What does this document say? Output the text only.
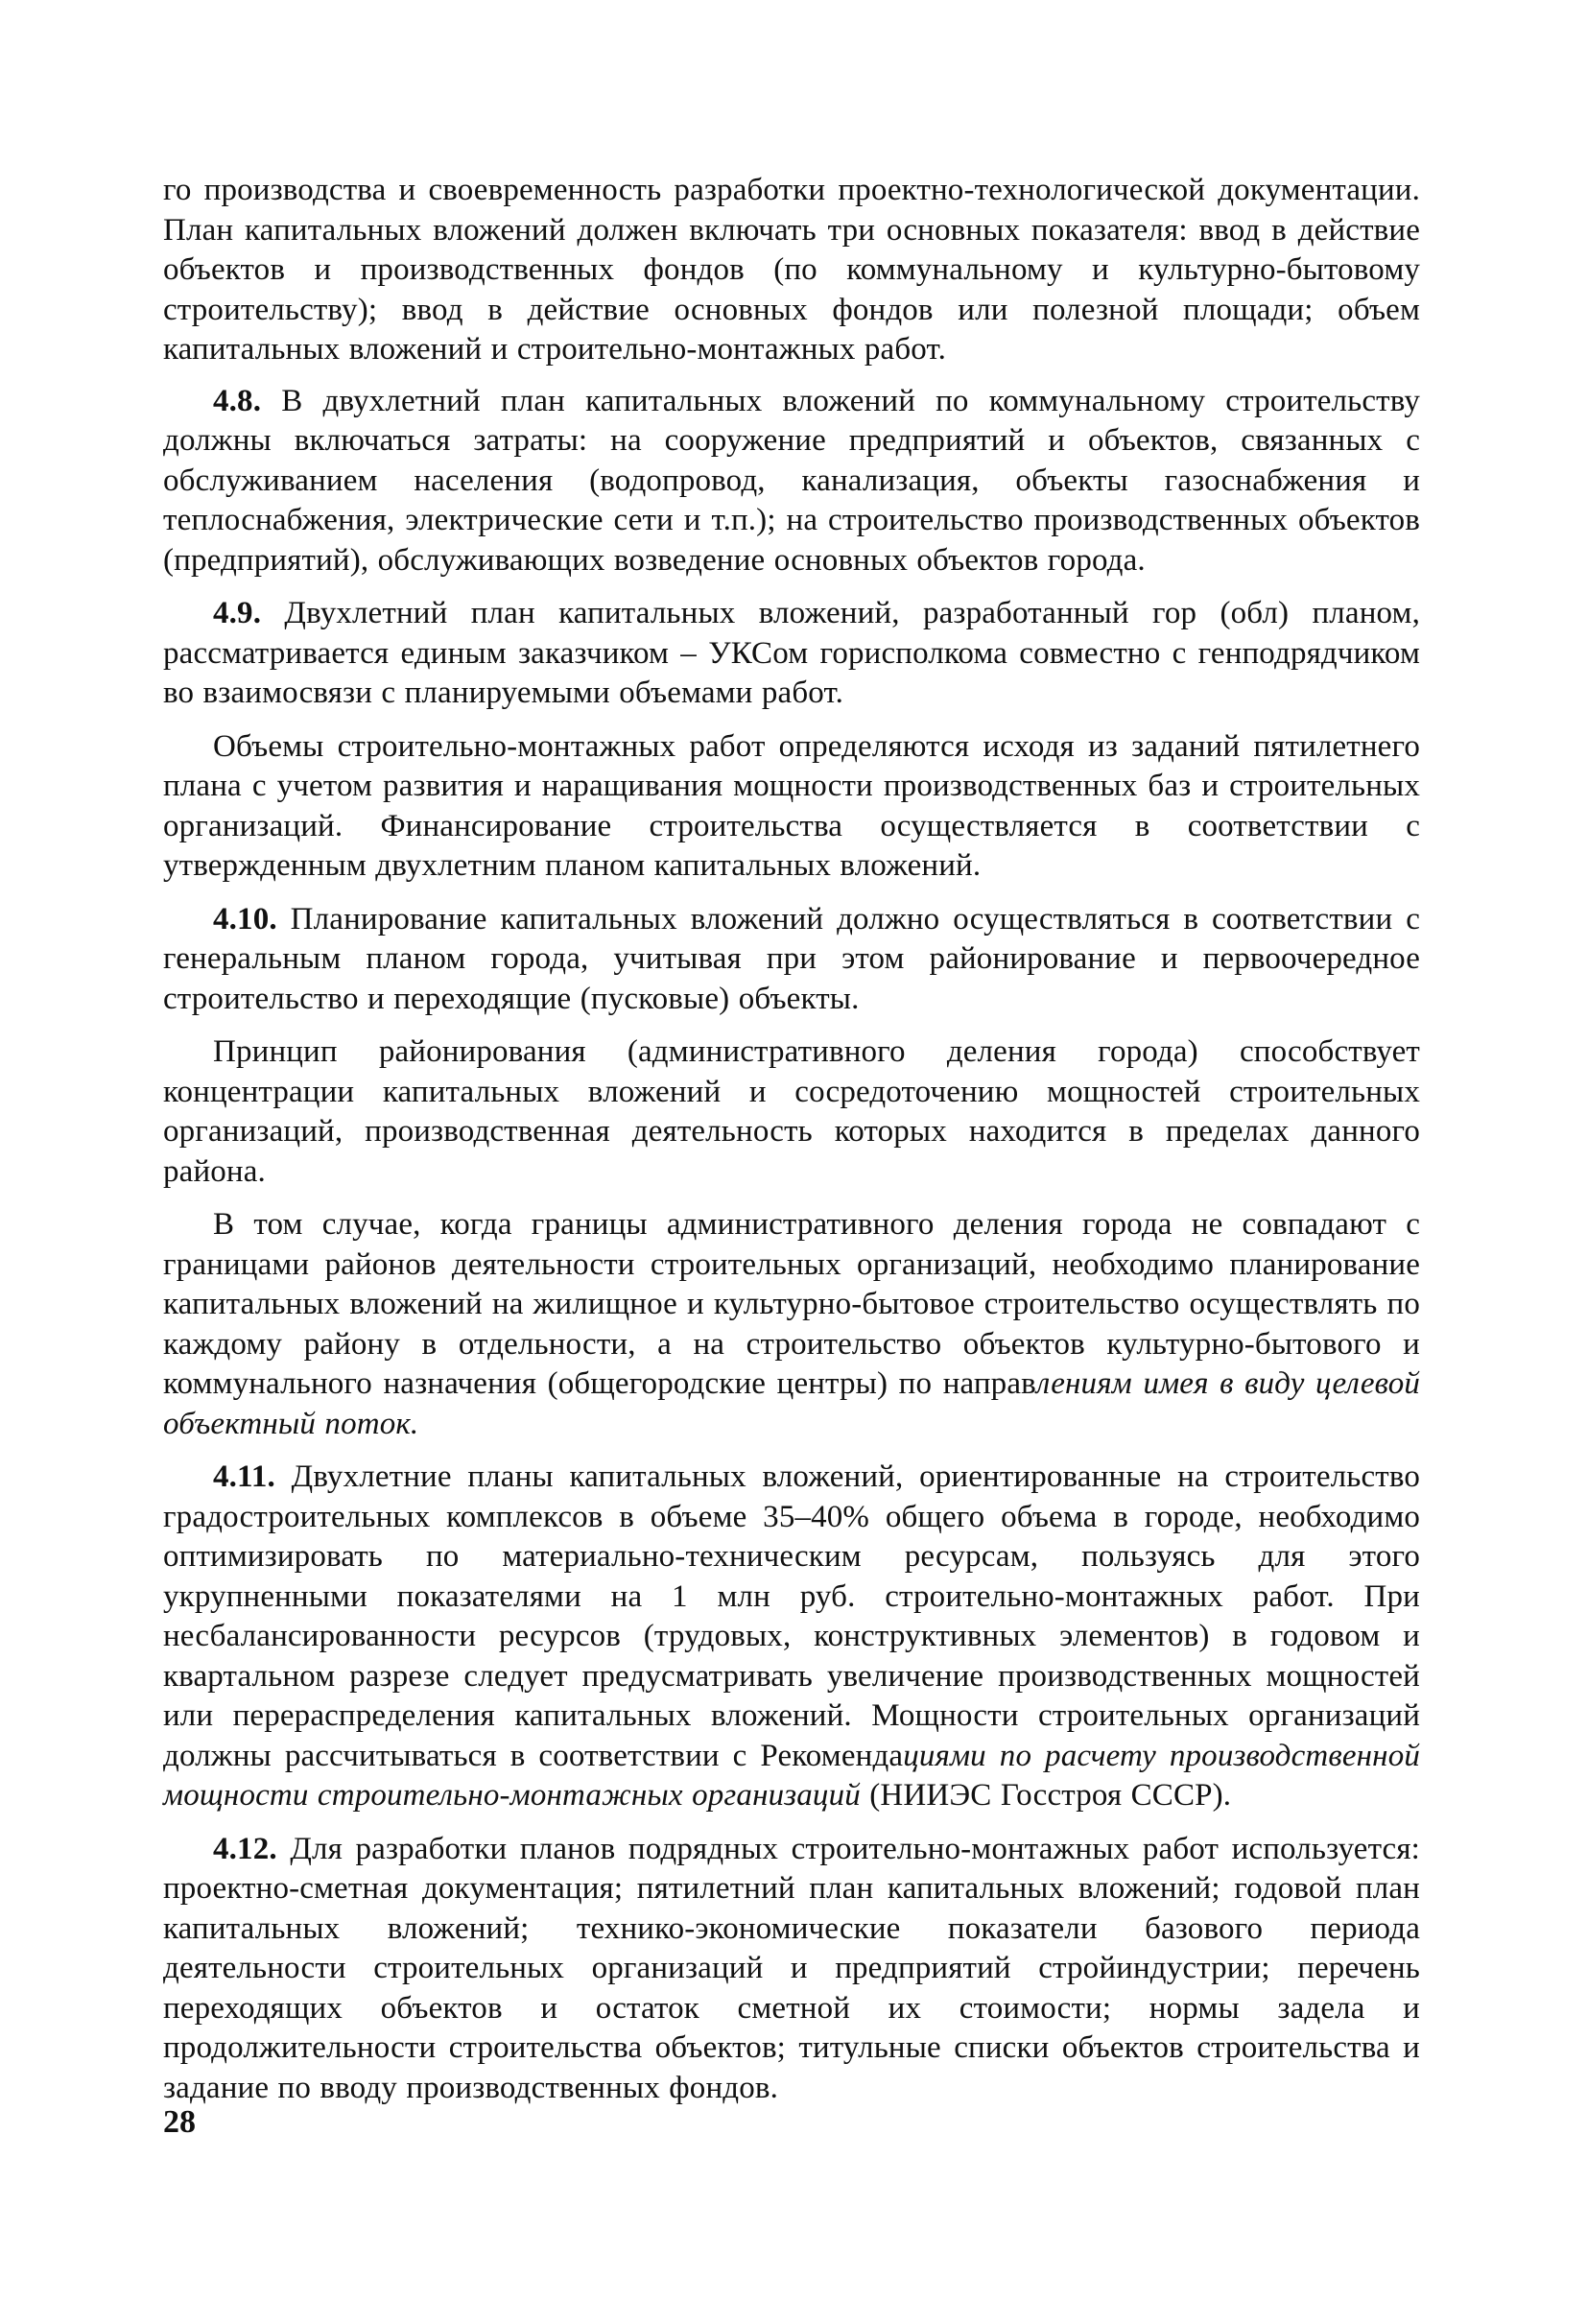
го производства и своевременность разработки проектно-технологической документации. План капитальных вложений должен включать три основных показателя: ввод в действие объектов и производственных фондов (по коммунальному и культурно-бытовому строительству); ввод в действие основных фондов или полезной площади; объем капитальных вложений и строительно-монтажных работ.

4.8. В двухлетний план капитальных вложений по коммунальному строительству должны включаться затраты: на сооружение предприятий и объектов, связанных с обслуживанием населения (водопровод, канализация, объекты газоснабжения и теплоснабжения, электрические сети и т.п.); на строительство производственных объектов (предприятий), обслуживающих возведение основных объектов города.

4.9. Двухлетний план капитальных вложений, разработанный гор (обл) планом, рассматривается единым заказчиком – УКСом горисполкома совместно с генподрядчиком во взаимосвязи с планируемыми объемами работ.

Объемы строительно-монтажных работ определяются исходя из заданий пятилетнего плана с учетом развития и наращивания мощности производственных баз и строительных организаций. Финансирование строительства осуществляется в соответствии с утвержденным двухлетним планом капитальных вложений.

4.10. Планирование капитальных вложений должно осуществляться в соответствии с генеральным планом города, учитывая при этом районирование и первоочередное строительство и переходящие (пусковые) объекты.

Принцип районирования (административного деления города) способствует концентрации капитальных вложений и сосредоточению мощностей строительных организаций, производственная деятельность которых находится в пределах данного района.

В том случае, когда границы административного деления города не совпадают с границами районов деятельности строительных организаций, необходимо планирование капитальных вложений на жилищное и культурно-бытовое строительство осуществлять по каждому району в отдельности, а на строительство объектов культурно-бытового и коммунального назначения (общегородские центры) по направлениям имея в виду целевой объектный поток.

4.11. Двухлетние планы капитальных вложений, ориентированные на строительство градостроительных комплексов в объеме 35–40% общего объема в городе, необходимо оптимизировать по материально-техническим ресурсам, пользуясь для этого укрупненными показателями на 1 млн руб. строительно-монтажных работ. При несбалансированности ресурсов (трудовых, конструктивных элементов) в годовом и квартальном разрезе следует предусматривать увеличение производственных мощностей или перераспределения капитальных вложений. Мощности строительных организаций должны рассчитываться в соответствии с Рекомендациями по расчету производственной мощности строительно-монтажных организаций (НИИЭС Госстроя СССР).

4.12. Для разработки планов подрядных строительно-монтажных работ используется: проектно-сметная документация; пятилетний план капитальных вложений; годовой план капитальных вложений; технико-экономические показатели базового периода деятельности строительных организаций и предприятий стройиндустрии; перечень переходящих объектов и остаток сметной их стоимости; нормы задела и продолжительности строительства объектов; титульные списки объектов строительства и задание по вводу производственных фондов.

28
